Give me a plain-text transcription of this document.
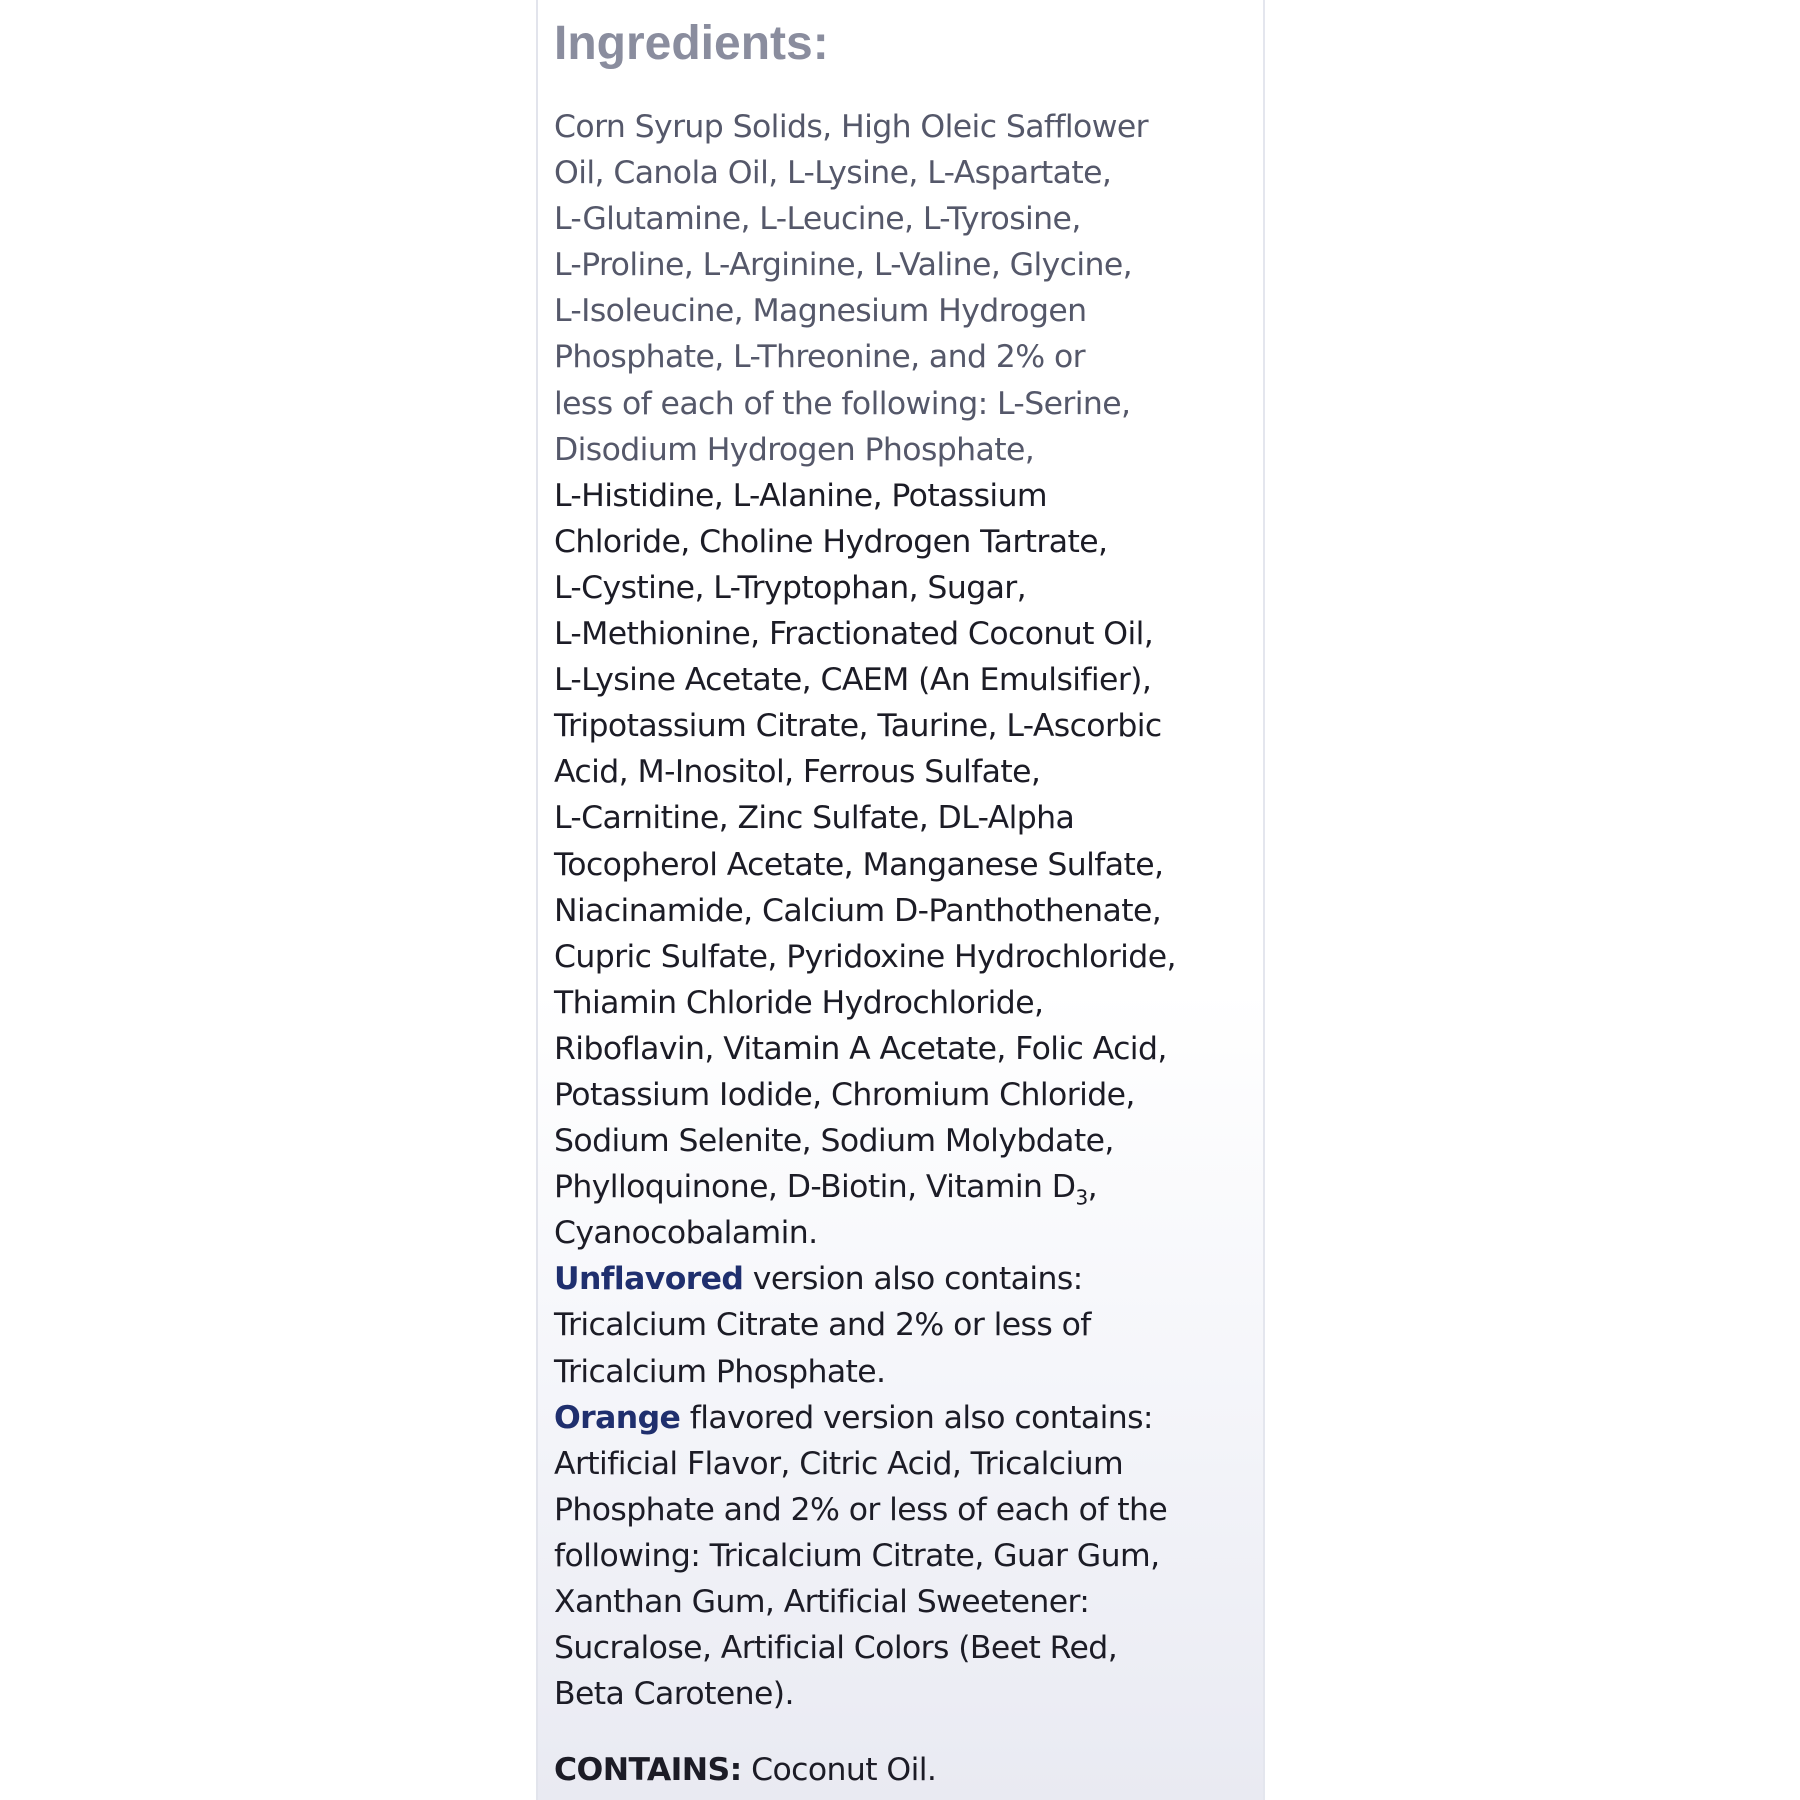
Ingredients:
Corn Syrup Solids, High Oleic Safflower
Oil, Canola Oil, L-Lysine, L-Aspartate,
L-Glutamine, L-Leucine, L-Tyrosine,
L-Proline, L-Arginine, L-Valine, Glycine,
L-Isoleucine, Magnesium Hydrogen
Phosphate, L-Threonine, and 2% or
less of each of the following: L-Serine,
Disodium Hydrogen Phosphate,
L-Histidine, L-Alanine, Potassium
Chloride, Choline Hydrogen Tartrate,
L-Cystine, L-Tryptophan, Sugar,
L-Methionine, Fractionated Coconut Oil,
L-Lysine Acetate, CAEM (An Emulsifier),
Tripotassium Citrate, Taurine, L-Ascorbic
Acid, M-Inositol, Ferrous Sulfate,
L-Carnitine, Zinc Sulfate, DL-Alpha
Tocopherol Acetate, Manganese Sulfate,
Niacinamide, Calcium D-Panthothenate,
Cupric Sulfate, Pyridoxine Hydrochloride,
Thiamin Chloride Hydrochloride,
Riboflavin, Vitamin A Acetate, Folic Acid,
Potassium Iodide, Chromium Chloride,
Sodium Selenite, Sodium Molybdate,
Phylloquinone, D-Biotin, Vitamin $D_3$,
Cyanocobalamin.
Unflavored version also contains:
Tricalcium Citrate and 2% or less of
Tricalcium Phosphate.
Orange flavored version also contains:
Artificial Flavor, Citric Acid, Tricalcium
Phosphate and 2% or less of each of the
following: Tricalcium Citrate, Guar Gum,
Xanthan Gum, Artificial Sweetener:
Sucralose, Artificial Colors (Beet Red,
Beta Carotene).
CONTAINS: Coconut Oil.
